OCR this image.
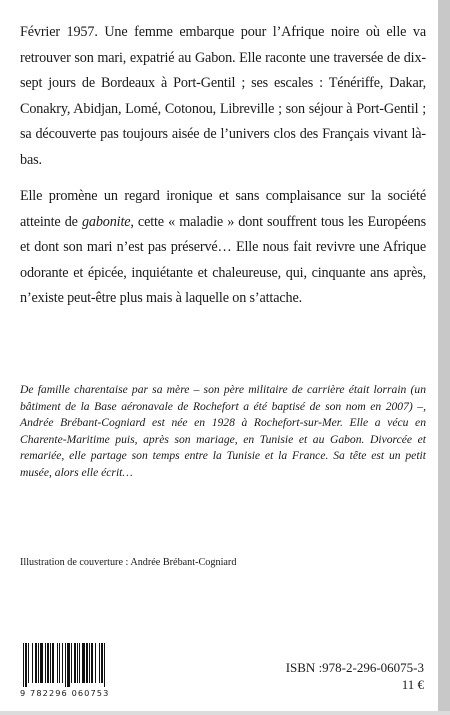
Février 1957. Une femme embarque pour l’Afrique noire où elle va retrouver son mari, expatrié au Gabon. Elle raconte une traversée de dix-sept jours de Bordeaux à Port-Gentil ; ses escales : Ténériffe, Dakar, Conakry, Abidjan, Lomé, Cotonou, Libreville ; son séjour à Port-Gentil ; sa découverte pas toujours aisée de l’univers clos des Français vivant là-bas.

Elle promène un regard ironique et sans complaisance sur la société atteinte de gabonite, cette « maladie » dont souffrent tous les Européens et dont son mari n’est pas préservé… Elle nous fait revivre une Afrique odorante et épicée, inquiétante et chaleureuse, qui, cinquante ans après, n’existe peut-être plus mais à laquelle on s’attache.

De famille charentaise par sa mère – son père militaire de carrière était lorrain (un bâtiment de la Base aéronavale de Rochefort a été baptisé de son nom en 2007) –, Andrée Brébant-Cogniard est née en 1928 à Rochefort-sur-Mer. Elle a vécu en Charente-Maritime puis, après son mariage, en Tunisie et au Gabon. Divorcée et remariée, elle partage son temps entre la Tunisie et la France. Sa tête est un petit musée, alors elle écrit…

Illustration de couverture : Andrée Brébant-Cogniard

9 782296 060753

ISBN :978-2-296-06075-3

11 €
